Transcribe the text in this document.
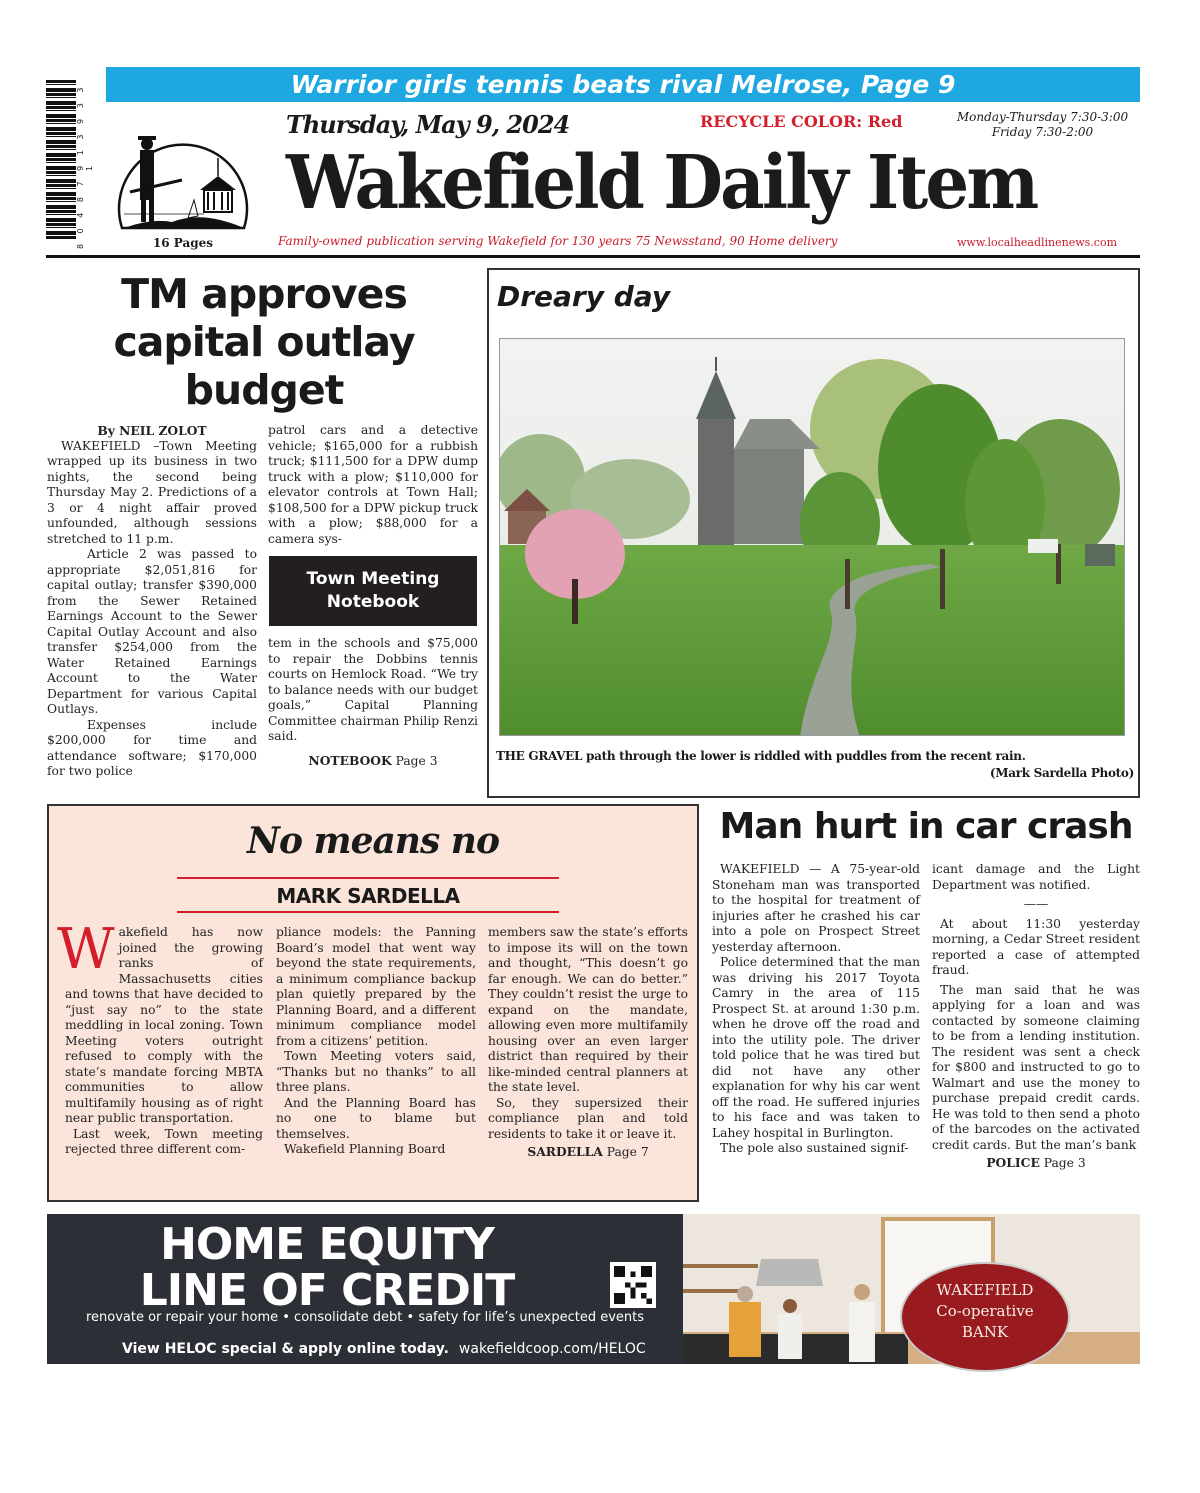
8 0 4 8 7 9 1 3 9 3 3 1
Warrior girls tennis beats rival Melrose, Page 9
16 Pages
Thursday, May 9, 2024	RECYCLE COLOR: Red	Monday-Thursday 7:30-3:00
Friday 7:30-2:00
Wakefield Daily Item
Family-owned publication serving Wakefield for 130 years 75 Newsstand, 90 Home delivery	www.localheadlinenews.com
TM approves capital outlay budget

By NEIL ZOLOT

WAKEFIELD –Town Meeting wrapped up its business in two nights, the second being Thursday May 2. Predictions of a 3 or 4 night affair proved unfounded, although sessions stretched to 11 p.m.

Article 2 was passed to appropriate $2,051,816 for capital outlay; transfer $390,000 from the Sewer Retained Earnings Account to the Sewer Capital Outlay Account and also transfer $254,000 from the Water Retained Earnings Account to the Water Department for various Capital Outlays.

Expenses include $200,000 for time and attendance software; $170,000 for two police

patrol cars and a detective vehicle; $165,000 for a rubbish truck; $111,500 for a DPW dump truck with a plow; $110,000 for elevator controls at Town Hall; $108,500 for a DPW pickup truck with a plow; $88,000 for a camera sys-

Town Meeting
Notebook

tem in the schools and $75,000 to repair the Dobbins tennis courts on Hemlock Road. “We try to balance needs with our budget goals,” Capital Planning Committee chairman Philip Renzi said.

NOTEBOOK Page 3

Dreary day
THE GRAVEL path through the lower is riddled with puddles from the recent rain.
(Mark Sardella Photo)
No means no
MARK SARDELLA
W akefield has now joined the growing ranks of Massachusetts cities and towns that have decided to “just say no” to the state meddling in local zoning. Town Meeting voters outright refused to comply with the state’s mandate forcing MBTA communities to allow multifamily housing as of right near public transportation.

Last week, Town meeting rejected three different com-

pliance models: the Panning Board’s model that went way beyond the state requirements, a minimum compliance backup plan quietly prepared by the Planning Board, and a different minimum compliance model from a citizens’ petition.

Town Meeting voters said, “Thanks but no thanks” to all three plans.

And the Planning Board has no one to blame but themselves.

Wakefield Planning Board

members saw the state’s efforts to impose its will on the town and thought, “This doesn’t go far enough. We can do better.” They couldn’t resist the urge to expand on the mandate, allowing even more multifamily housing over an even larger district than required by their like-minded central planners at the state level.

So, they supersized their compliance plan and told residents to take it or leave it.

SARDELLA Page 7

Man hurt in car crash

WAKEFIELD — A 75-year-old Stoneham man was transported to the hospital for treatment of injuries after he crashed his car into a pole on Prospect Street yesterday afternoon.

Police determined that the man was driving his 2017 Toyota Camry in the area of 115 Prospect St. at around 1:30 p.m. when he drove off the road and into the utility pole. The driver told police that he was tired but did not have any other explanation for why his car went off the road. He suffered injuries to his face and was taken to Lahey hospital in Burlington.

The pole also sustained signif-

icant damage and the Light Department was notified.

——

At about 11:30 yesterday morning, a Cedar Street resident reported a case of attempted fraud.

The man said that he was applying for a loan and was contacted by someone claiming to be from a lending institution. The resident was sent a check for $800 and instructed to go to Walmart and use the money to purchase prepaid credit cards. He was told to then send a photo of the barcodes on the activated credit cards. But the man’s bank

POLICE Page 3

HOME EQUITY
LINE OF CREDIT
renovate or repair your home • consolidate debt • safety for life’s unexpected events
View HELOC special & apply online today. wakefieldcoop.com/HELOC
Find us on Main Street: Wakefield • Lynnfield • Melrose
MEMBER FDIC / MEMBER DIF ⌂ EQUAL HOUSING LENDER NMLS #406738
WAKEFIELD
Co-operative
BANK
Bringing life to banking
